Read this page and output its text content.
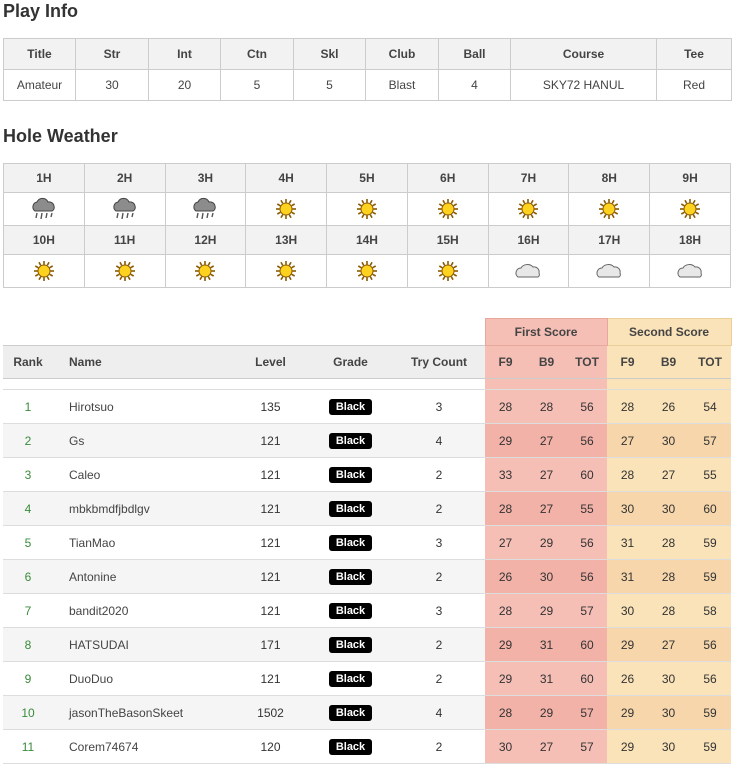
Play Info
Title	Str	Int	Ctn	Skl	Club	Ball	Course	Tee
Amateur	30	20	5	5	Blast	4	SKY72 HANUL	Red
Hole Weather
1H	2H	3H	4H	5H	6H	7H	8H	9H

10H	11H	12H	13H	14H	15H	16H	17H	18H

					First Score			Second Score		
Rank	Name	Level	Grade	Try Count	F9	B9	TOT	F9	B9	TOT

1	Hirotsuo	135	Black	3	28	28	56	28	26	54
2	Gs	121	Black	4	29	27	56	27	30	57
3	Caleo	121	Black	2	33	27	60	28	27	55
4	mbkbmdfjbdlgv	121	Black	2	28	27	55	30	30	60
5	TianMao	121	Black	3	27	29	56	31	28	59
6	Antonine	121	Black	2	26	30	56	31	28	59
7	bandit2020	121	Black	3	28	29	57	30	28	58
8	HATSUDAI	171	Black	2	29	31	60	29	27	56
9	DuoDuo	121	Black	2	29	31	60	26	30	56
10	jasonTheBasonSkeet	1502	Black	4	28	29	57	29	30	59
11	Corem74674	120	Black	2	30	27	57	29	30	59
